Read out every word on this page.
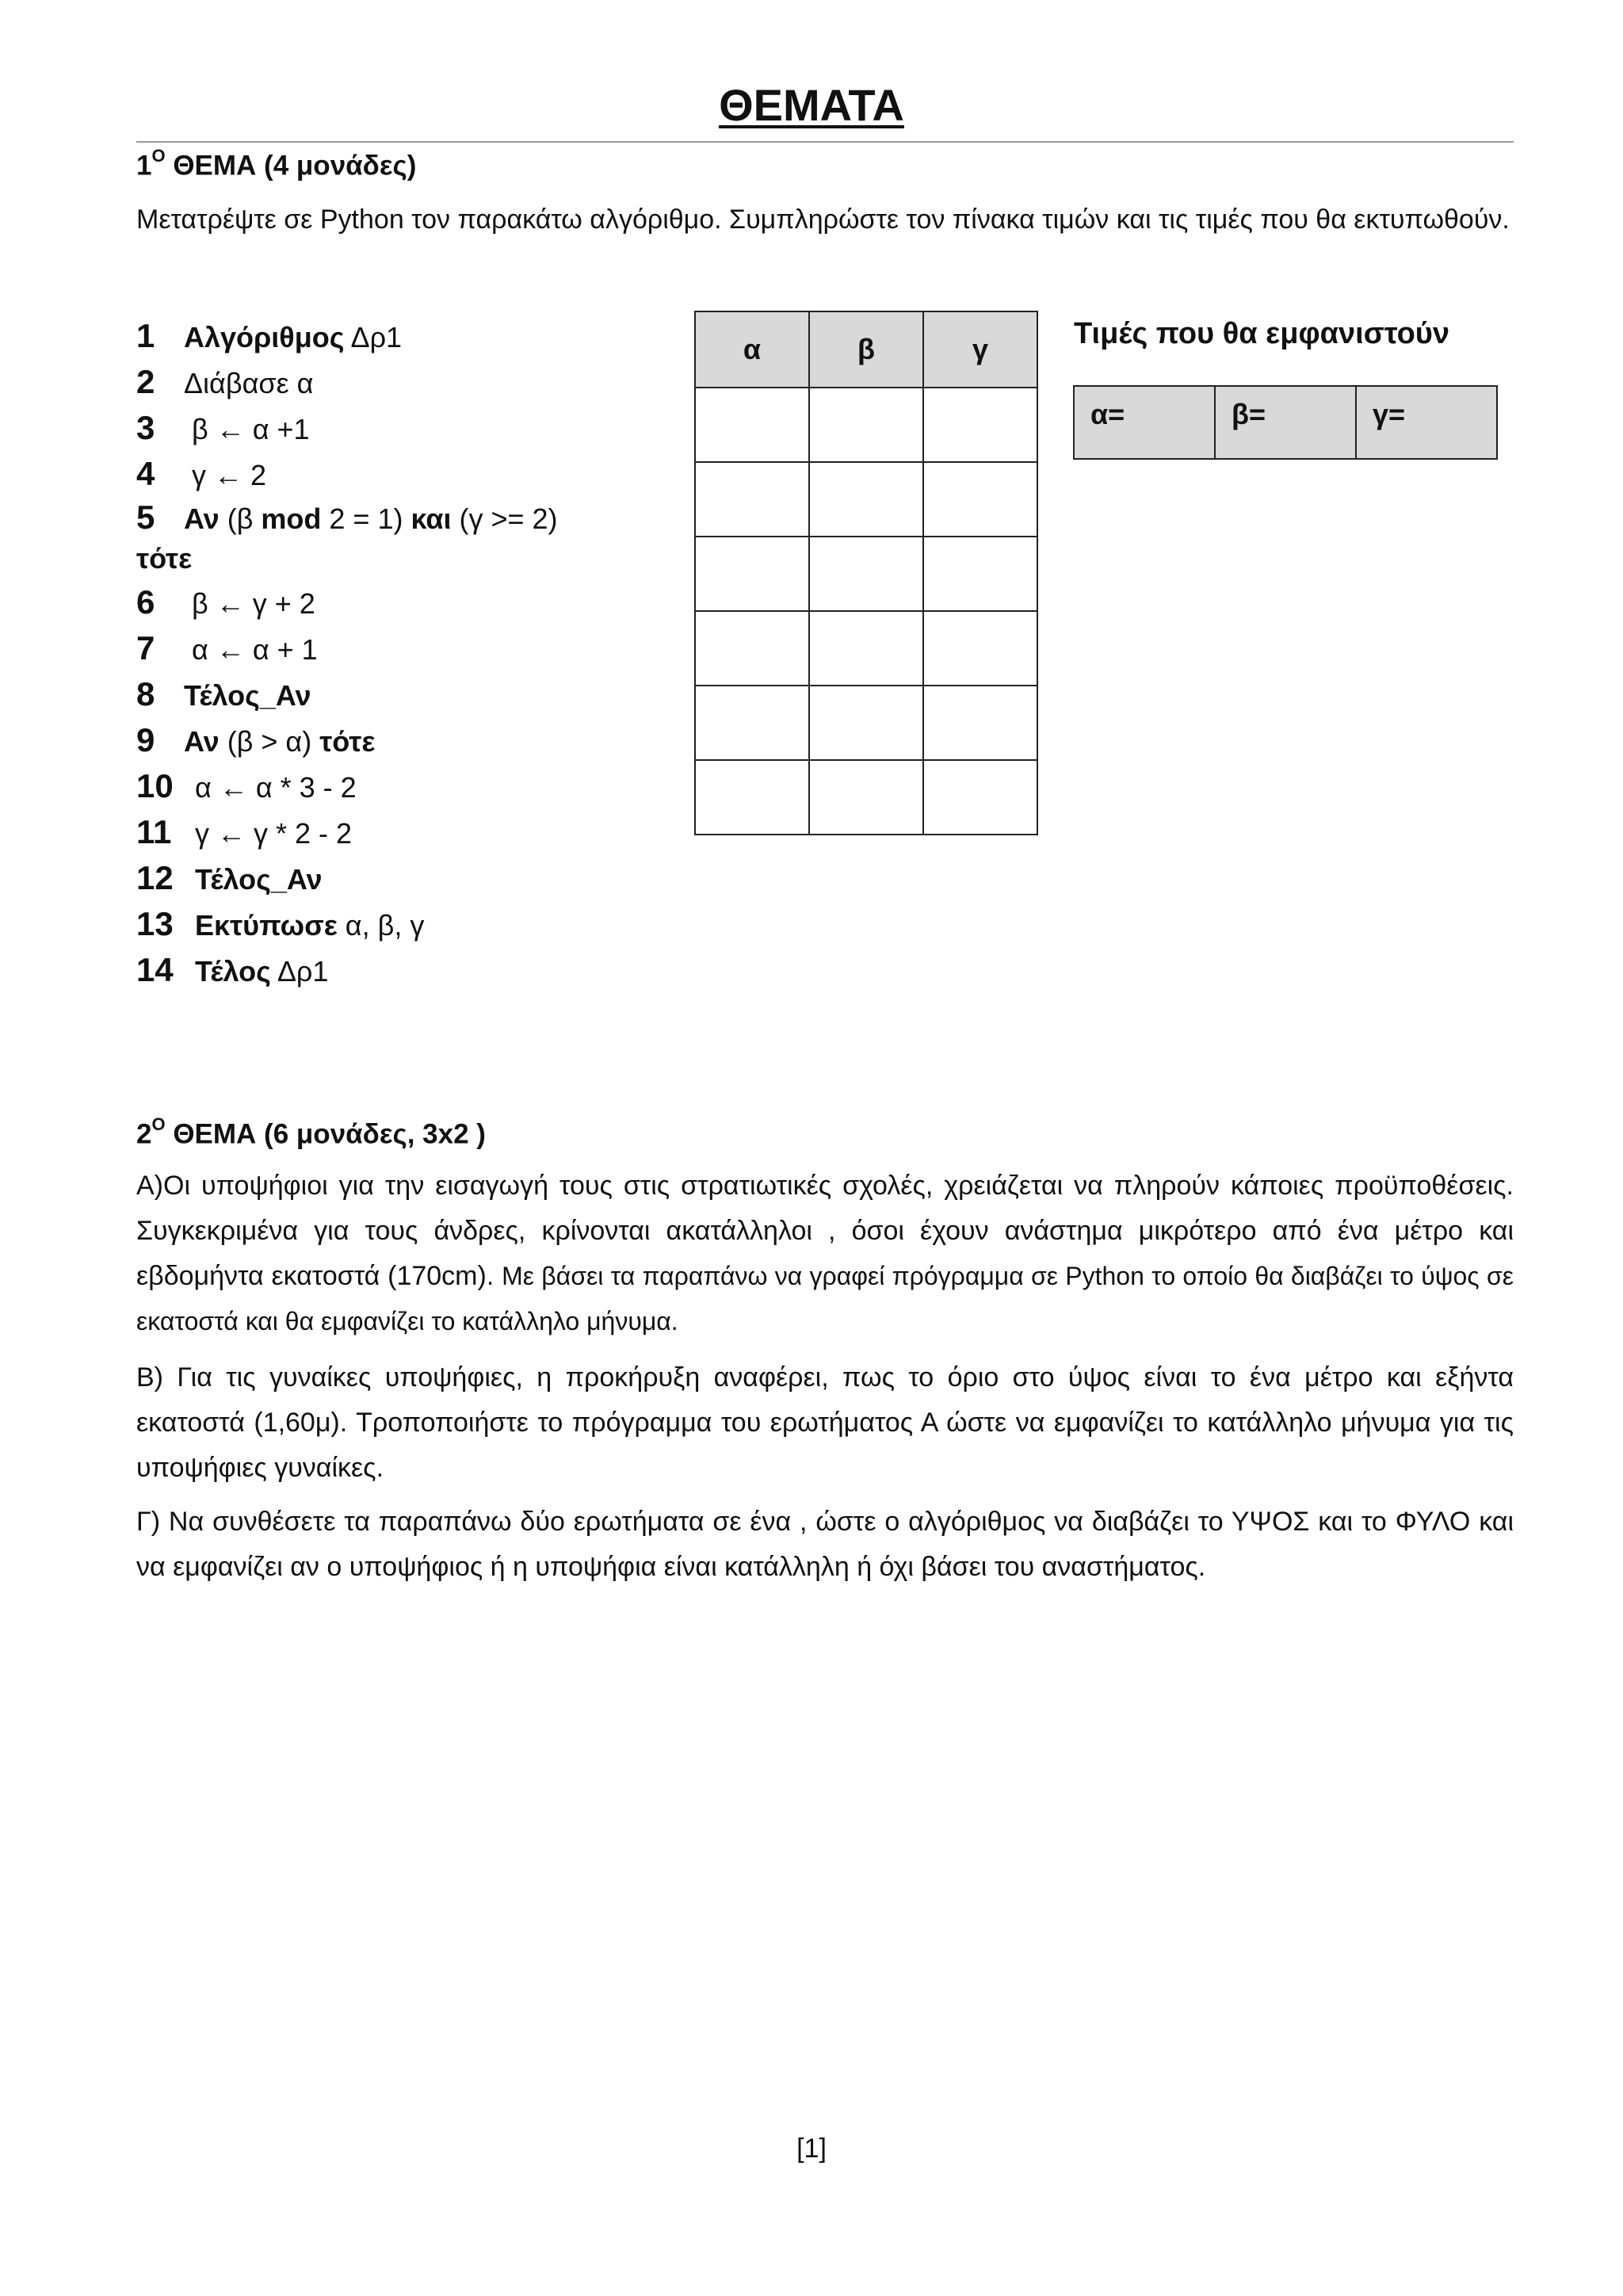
ΘΕΜΑΤΑ
$1^O$ ΘΕΜΑ (4 μονάδες)
Μετατρέψτε σε Python τον παρακάτω αλγόριθμο. Συμπληρώστε τον πίνακα τιμών και τις τιμές που θα εκτυπωθούν.
1 Αλγόριθμος Δρ1
2 Διάβασε α
3 β ← α +1
4 γ ← 2
5 Αν (β mod 2 = 1) και (γ >= 2)
τότε
6 β ← γ + 2
7 α ← α + 1
8 Τέλος_Αν
9 Αν (β > α) τότε
10 α ← α * 3 - 2
11 γ ← γ * 2 - 2
12 Τέλος_Αν
13 Εκτύπωσε α, β, γ
14 Τέλος Δρ1
α	β	γ

			Τιμές που θα εμφανιστούν
α=	β=	γ=
$2^O$ ΘΕΜΑ (6 μονάδες, 3x2 )
Α)Οι υποψήφιοι για την εισαγωγή τους στις στρατιωτικές σχολές, χρειάζεται να πληρούν κάποιες προϋποθέσεις. Συγκεκριμένα για τους άνδρες, κρίνονται ακατάλληλοι , όσοι έχουν ανάστημα μικρότερο από ένα μέτρο και εβδομήντα εκατοστά (170cm). Με βάσει τα παραπάνω να γραφεί πρόγραμμα σε Python το οποίο θα διαβάζει το ύψος σε εκατοστά και θα εμφανίζει το κατάλληλο μήνυμα.
Β) Για τις γυναίκες υποψήφιες, η προκήρυξη αναφέρει, πως το όριο στο ύψος είναι το ένα μέτρο και εξήντα εκατοστά (1,60μ). Τροποποιήστε το πρόγραμμα του ερωτήματος Α ώστε να εμφανίζει το κατάλληλο μήνυμα για τις υποψήφιες γυναίκες.
Γ) Να συνθέσετε τα παραπάνω δύο ερωτήματα σε ένα , ώστε ο αλγόριθμος να διαβάζει το ΥΨΟΣ και το ΦΥΛΟ και να εμφανίζει αν ο υποψήφιος ή η υποψήφια είναι κατάλληλη ή όχι βάσει του αναστήματος.
[1]
